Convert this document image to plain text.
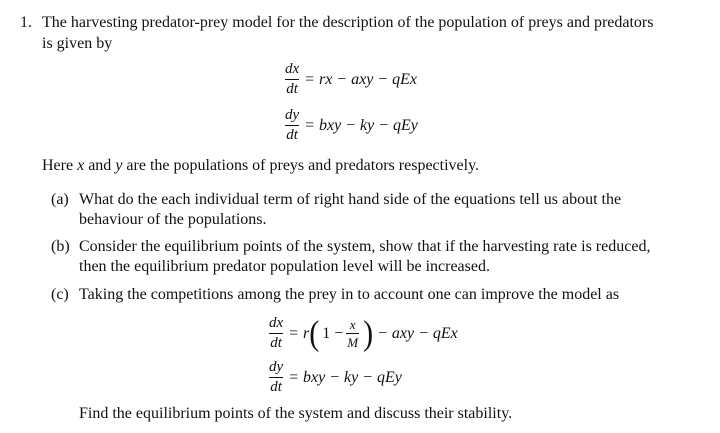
1. The harvesting predator-prey model for the description of the population of preys and predators
is given by
$\frac{dx}{dt}$ = rx − axy − qEx
$\frac{dy}{dt}$ = bxy − ky − qEy
Here x and y are the populations of preys and predators respectively.
(a) What do the each individual term of right hand side of the equations tell us about the
behaviour of the populations.
(b) Consider the equilibrium points of the system, show that if the harvesting rate is reduced,
then the equilibrium predator population level will be increased.
(c) Taking the competitions among the prey in to account one can improve the model as
$\frac{dx}{dt} = r$ ( $1 - \frac{x}{M}$ ) − axy − qEx
$\frac{dy}{dt}$ = bxy − ky − qEy
Find the equilibrium points of the system and discuss their stability.
